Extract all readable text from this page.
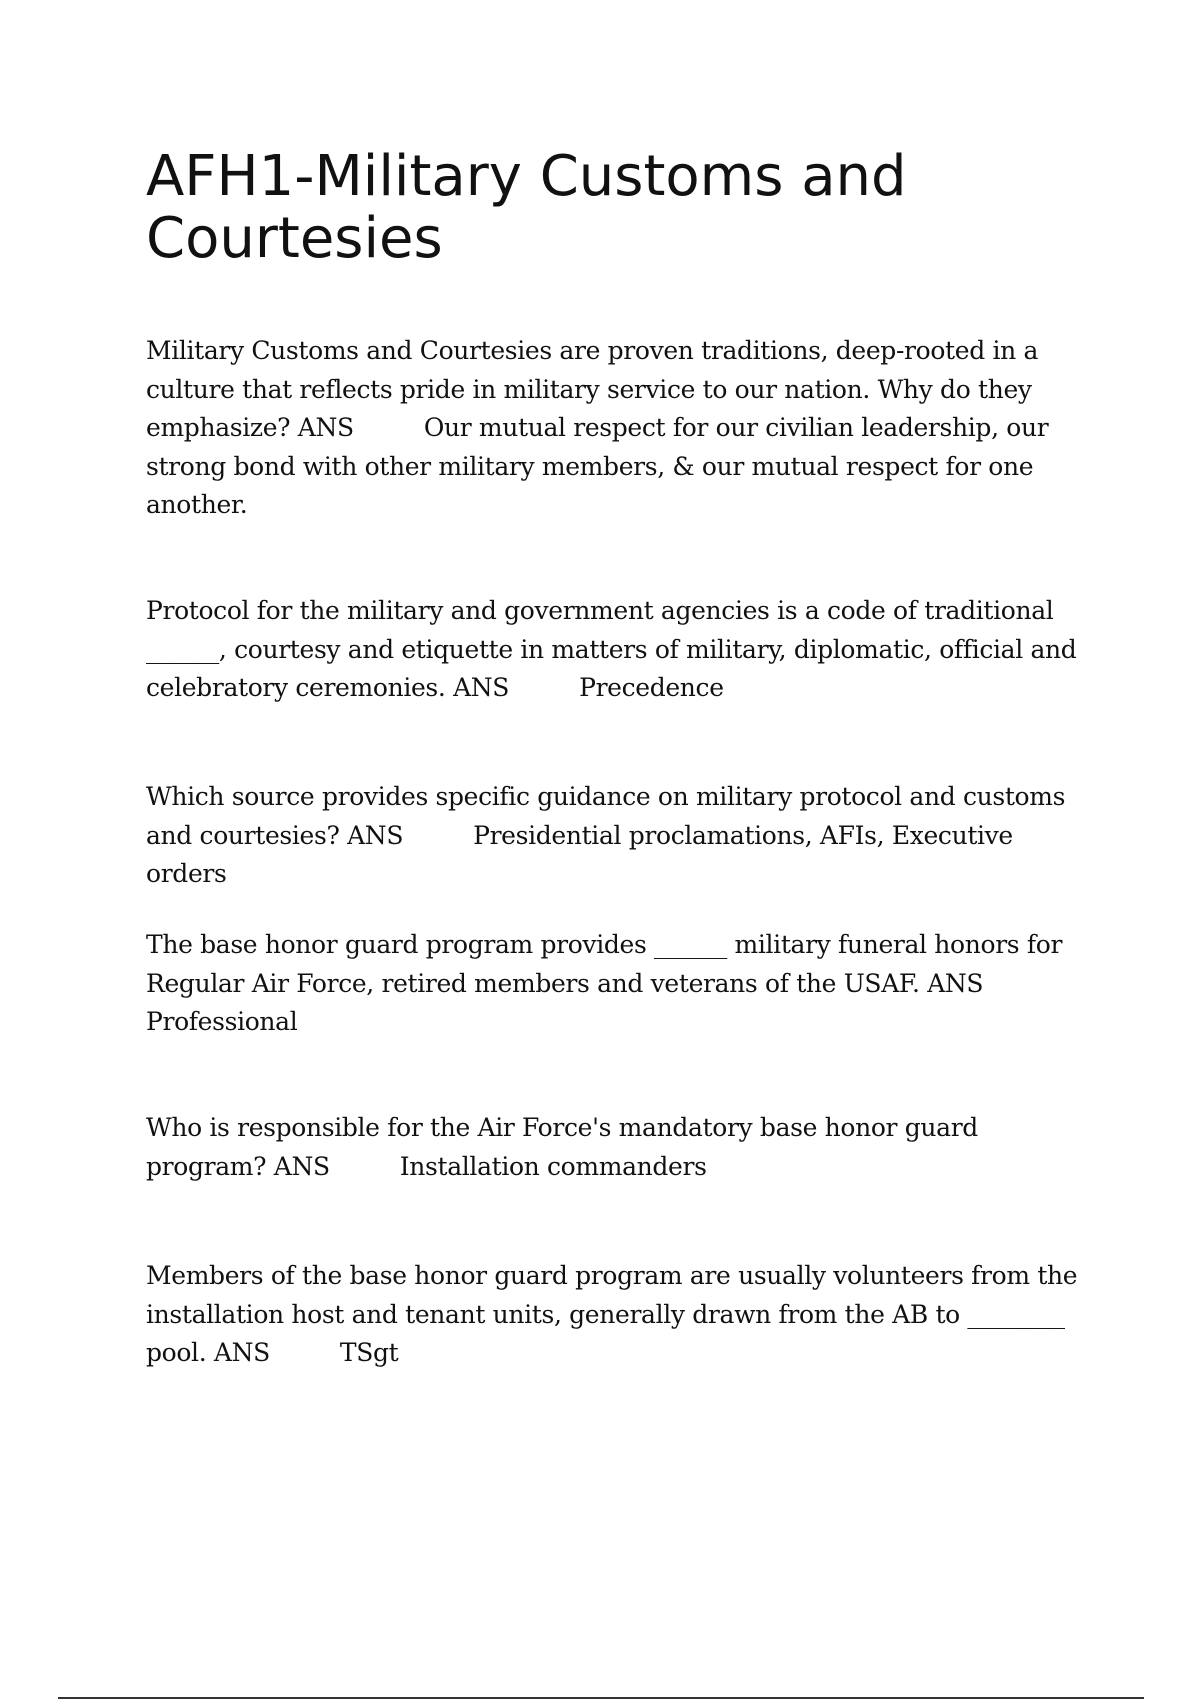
AFH1-Military Customs and Courtesies

Military Customs and Courtesies are proven traditions, deep-rooted in a culture that reflects pride in military service to our nation. Why do they emphasize? ANS	Our mutual respect for our civilian leadership, our strong bond with other military members, & our mutual respect for one another.

Protocol for the military and government agencies is a code of traditional ______, courtesy and etiquette in matters of military, diplomatic, official and celebratory ceremonies. ANS	Precedence

Which source provides specific guidance on military protocol and customs and courtesies? ANS	Presidential proclamations, AFIs, Executive orders

The base honor guard program provides ______ military funeral honors for Regular Air Force, retired members and veterans of the USAF. ANS Professional

Who is responsible for the Air Force's mandatory base honor guard program? ANS	Installation commanders

Members of the base honor guard program are usually volunteers from the installation host and tenant units, generally drawn from the AB to ________ pool. ANS	TSgt
